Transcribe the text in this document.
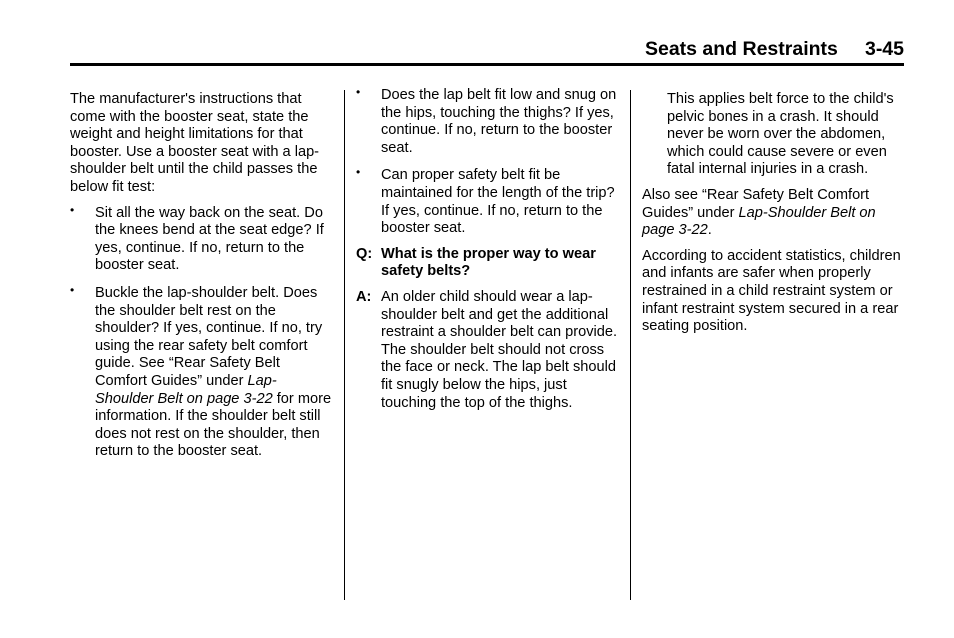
Seats and Restraints 3-45

The manufacturer's instructions that come with the booster seat, state the weight and height limitations for that booster. Use a booster seat with a lap-shoulder belt until the child passes the below fit test:

• Sit all the way back on the seat. Do the knees bend at the seat edge? If yes, continue. If no, return to the booster seat.

• Buckle the lap-shoulder belt. Does the shoulder belt rest on the shoulder? If yes, continue. If no, try using the rear safety belt comfort guide. See “Rear Safety Belt Comfort Guides” under Lap-Shoulder Belt on page 3-22 for more information. If the shoulder belt still does not rest on the shoulder, then return to the booster seat.

• Does the lap belt fit low and snug on the hips, touching the thighs? If yes, continue. If no, return to the booster seat.

• Can proper safety belt fit be maintained for the length of the trip? If yes, continue. If no, return to the booster seat.

Q: What is the proper way to wear safety belts?

A: An older child should wear a lap-shoulder belt and get the additional restraint a shoulder belt can provide. The shoulder belt should not cross the face or neck. The lap belt should fit snugly below the hips, just touching the top of the thighs.

This applies belt force to the child's pelvic bones in a crash. It should never be worn over the abdomen, which could cause severe or even fatal internal injuries in a crash.

Also see “Rear Safety Belt Comfort Guides” under Lap-Shoulder Belt on page 3-22.

According to accident statistics, children and infants are safer when properly restrained in a child restraint system or infant restraint system secured in a rear seating position.
